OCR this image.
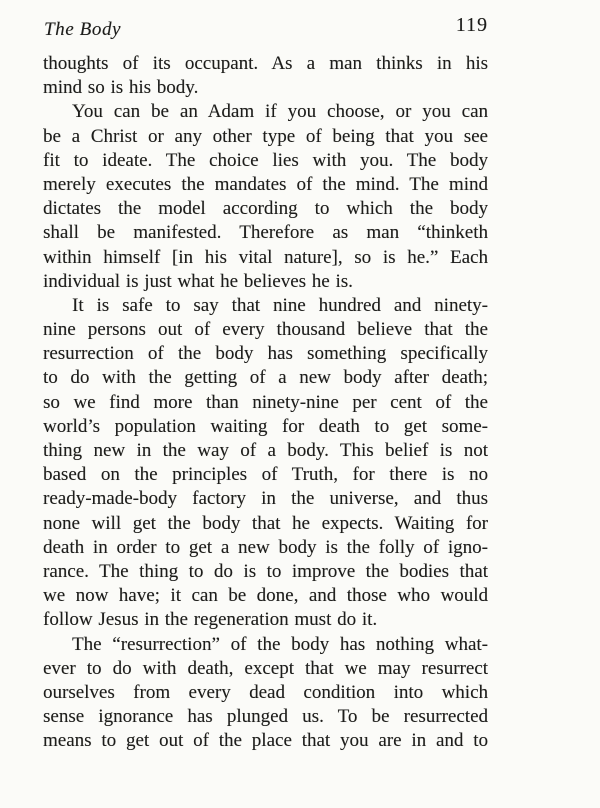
The Body	119
thoughts of its occupant. As a man thinks in his
mind so is his body.
You can be an Adam if you choose, or you can
be a Christ or any other type of being that you see
fit to ideate. The choice lies with you. The body
merely executes the mandates of the mind. The mind
dictates the model according to which the body
shall be manifested. Therefore as man “thinketh
within himself [in his vital nature], so is he.” Each
individual is just what he believes he is.
It is safe to say that nine hundred and ninety-
nine persons out of every thousand believe that the
resurrection of the body has something specifically
to do with the getting of a new body after death;
so we find more than ninety-nine per cent of the
world’s population waiting for death to get some-
thing new in the way of a body. This belief is not
based on the principles of Truth, for there is no
ready-made-body factory in the universe, and thus
none will get the body that he expects. Waiting for
death in order to get a new body is the folly of igno-
rance. The thing to do is to improve the bodies that
we now have; it can be done, and those who would
follow Jesus in the regeneration must do it.
The “resurrection” of the body has nothing what-
ever to do with death, except that we may resurrect
ourselves from every dead condition into which
sense ignorance has plunged us. To be resurrected
means to get out of the place that you are in and to
